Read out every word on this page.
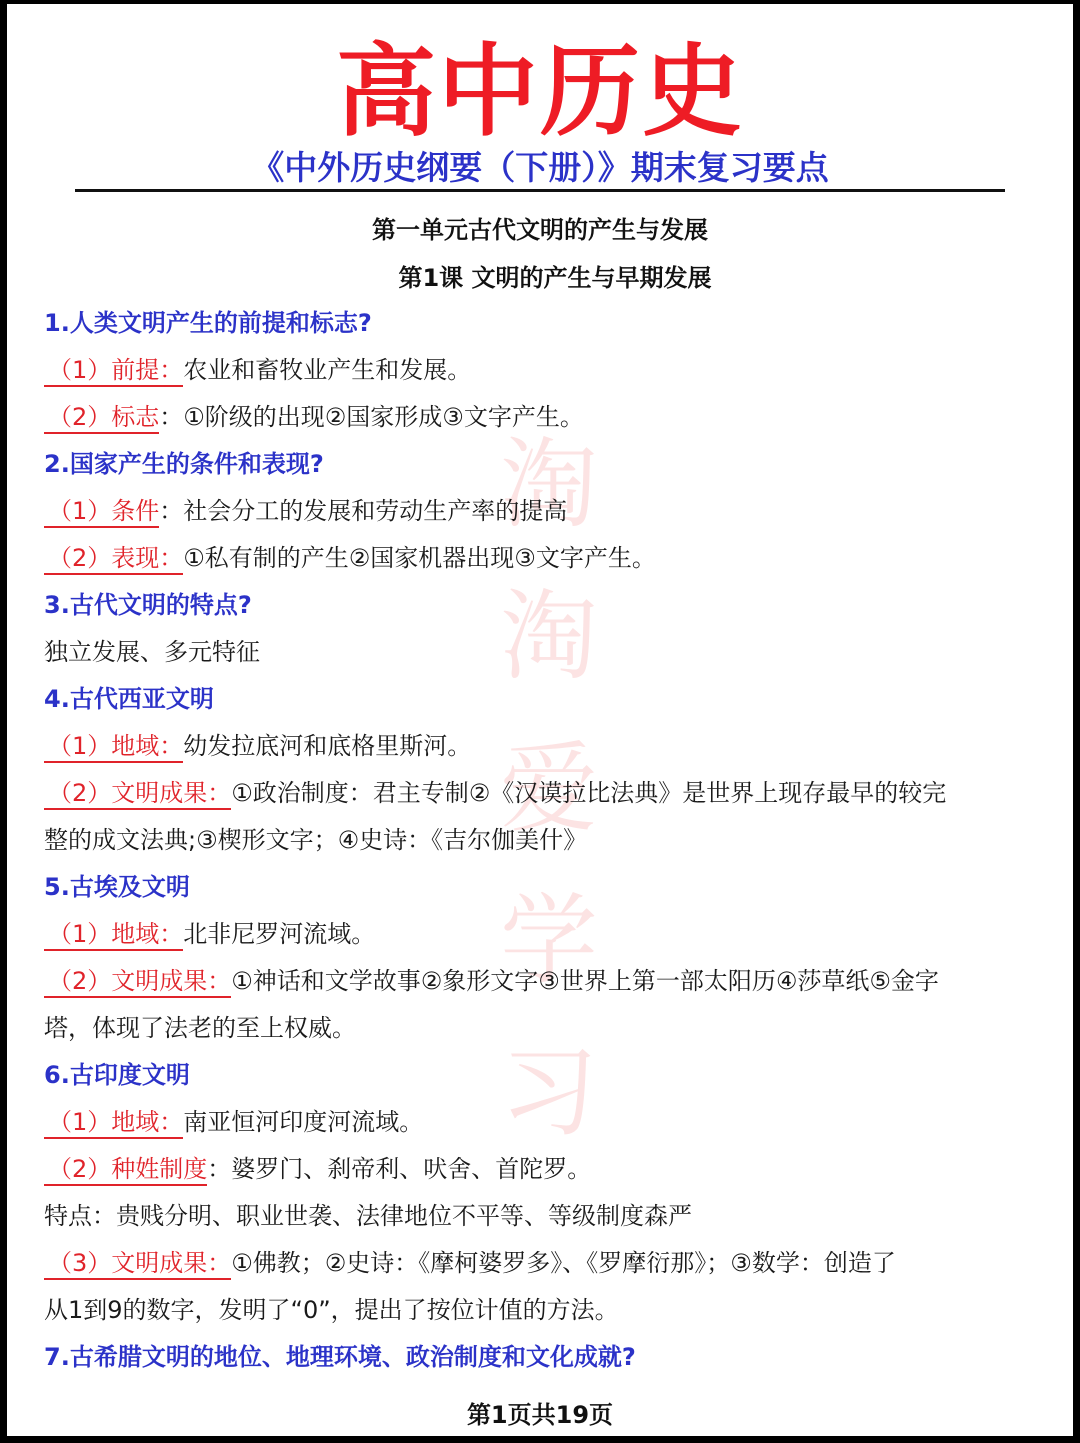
淘
淘
爱
学
习
高中历史
《中外历史纲要（下册）》期末复习要点
第一单元古代文明的产生与发展
第1课 文明的产生与早期发展
1.人类文明产生的前提和标志?
（1）前提：农业和畜牧业产生和发展。
（2）标志：①阶级的出现②国家形成③文字产生。
2.国家产生的条件和表现?
（1）条件：社会分工的发展和劳动生产率的提高
（2）表现：①私有制的产生②国家机器出现③文字产生。
3.古代文明的特点?
独立发展、多元特征
4.古代西亚文明
（1）地域：幼发拉底河和底格里斯河。
（2）文明成果：①政治制度：君主专制②《汉谟拉比法典》是世界上现存最早的较完
整的成文法典;③楔形文字；④史诗：《吉尔伽美什》
5.古埃及文明
（1）地域：北非尼罗河流域。
（2）文明成果：①神话和文学故事②象形文字③世界上第一部太阳历④莎草纸⑤金字
塔，体现了法老的至上权威。
6.古印度文明
（1）地域：南亚恒河印度河流域。
（2）种姓制度：婆罗门、刹帝利、吠舍、首陀罗。
特点：贵贱分明、职业世袭、法律地位不平等、等级制度森严
（3）文明成果：①佛教；②史诗：《摩柯婆罗多》、《罗摩衍那》；③数学：创造了
从1到9的数字，发明了“0”，提出了按位计值的方法。
7.古希腊文明的地位、地理环境、政治制度和文化成就?
第1页共19页
